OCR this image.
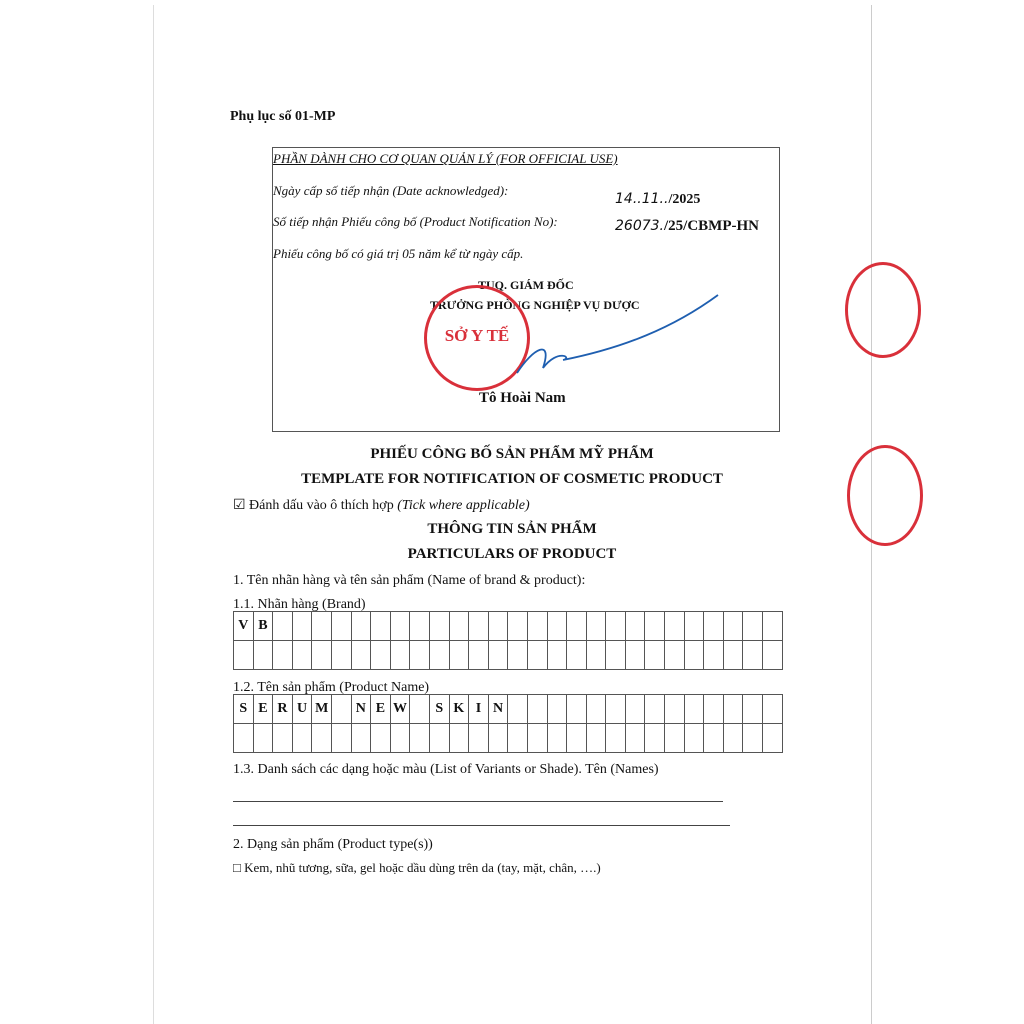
Phụ lục số 01-MP
PHẦN DÀNH CHO CƠ QUAN QUẢN LÝ (FOR OFFICIAL USE)
Ngày cấp số tiếp nhận (Date acknowledged):
14..11../2025
Số tiếp nhận Phiếu công bố (Product Notification No):	26073./25/CBMP-HN
Phiếu công bố có giá trị 05 năm kể từ ngày cấp.
TUQ. GIÁM ĐỐC
TRƯỞNG PHÒNG NGHIỆP VỤ DƯỢC
SỞ Y TẾ
Tô Hoài Nam
PHIẾU CÔNG BỐ SẢN PHẨM MỸ PHẨM
TEMPLATE FOR NOTIFICATION OF COSMETIC PRODUCT
☑ Đánh dấu vào ô thích hợp (Tick where applicable)
THÔNG TIN SẢN PHẨM
PARTICULARS OF PRODUCT
1. Tên nhãn hàng và tên sản phẩm (Name of brand & product):
1.1. Nhãn hàng (Brand)
V	B																										

1.2. Tên sản phẩm (Product Name)
S	E	R	U	M		N	E	W		S	K	I	N														

1.3. Danh sách các dạng hoặc màu (List of Variants or Shade). Tên (Names)
2. Dạng sản phẩm (Product type(s))
□ Kem, nhũ tương, sữa, gel hoặc dầu dùng trên da (tay, mặt, chân, ….)
